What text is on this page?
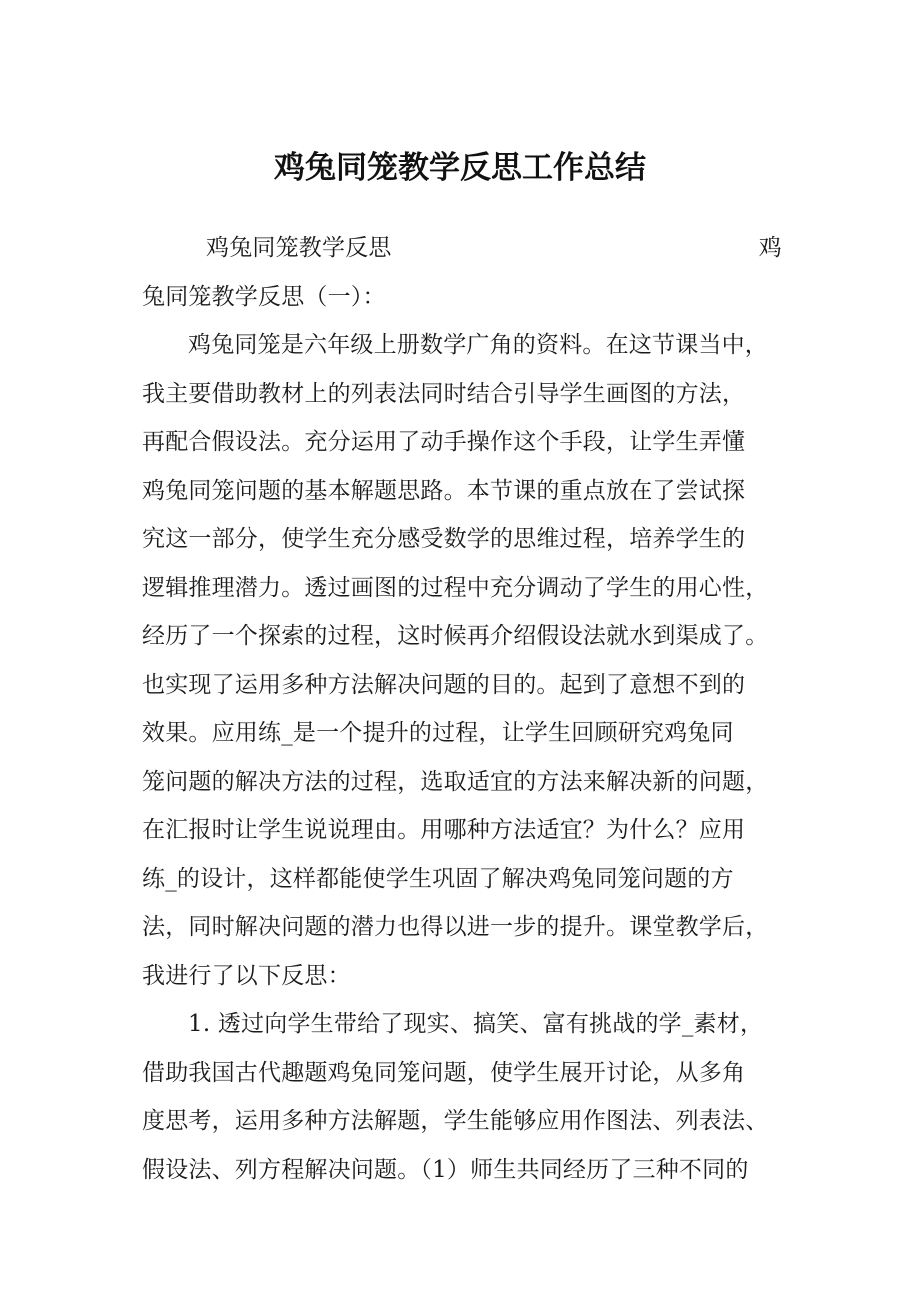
鸡兔同笼教学反思工作总结

鸡兔同笼教学反思	鸡

兔同笼教学反思（一）：

鸡兔同笼是六年级上册数学广角的资料。在这节课当中，

我主要借助教材上的列表法同时结合引导学生画图的方法，

再配合假设法。充分运用了动手操作这个手段，让学生弄懂

鸡兔同笼问题的基本解题思路。本节课的重点放在了尝试探

究这一部分，使学生充分感受数学的思维过程，培养学生的

逻辑推理潜力。透过画图的过程中充分调动了学生的用心性，

经历了一个探索的过程，这时候再介绍假设法就水到渠成了。

也实现了运用多种方法解决问题的目的。起到了意想不到的

效果。应用练_是一个提升的过程，让学生回顾研究鸡兔同

笼问题的解决方法的过程，选取适宜的方法来解决新的问题，

在汇报时让学生说说理由。用哪种方法适宜？为什么？应用

练_的设计，这样都能使学生巩固了解决鸡兔同笼问题的方

法，同时解决问题的潜力也得以进一步的提升。课堂教学后，

我进行了以下反思：

1. 透过向学生带给了现实、搞笑、富有挑战的学_素材，

借助我国古代趣题鸡兔同笼问题，使学生展开讨论，从多角

度思考，运用多种方法解题，学生能够应用作图法、列表法、

假设法、列方程解决问题。（1）师生共同经历了三种不同的
